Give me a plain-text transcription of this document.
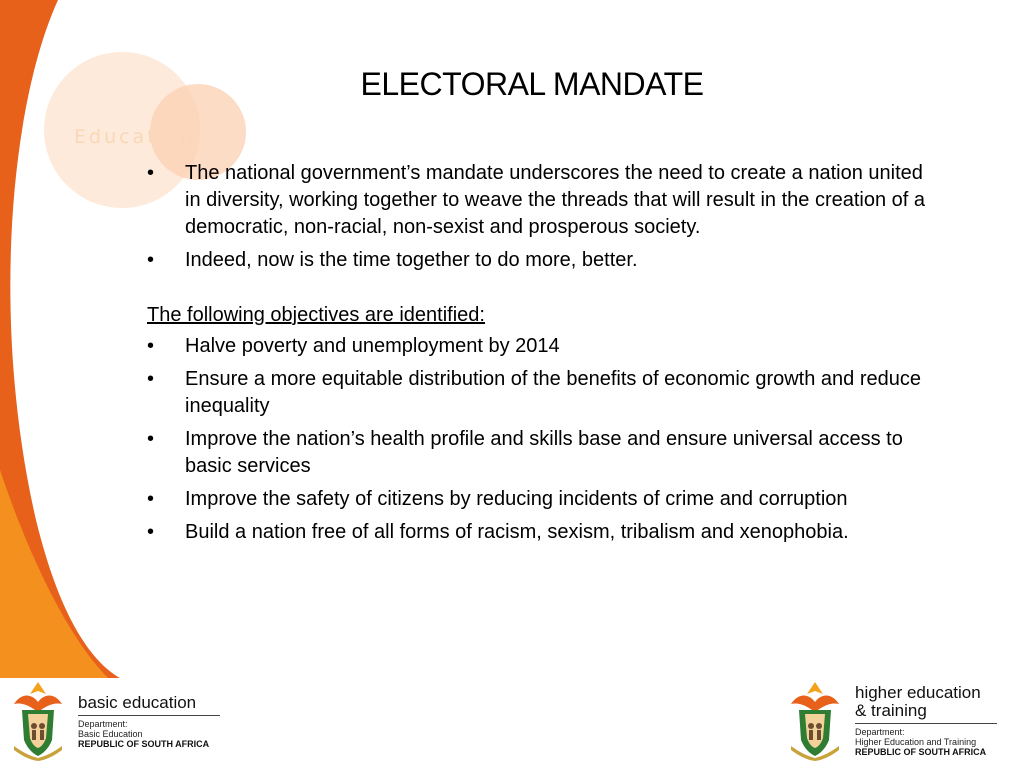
Education
ELECTORAL MANDATE
• The national government’s mandate underscores the need to create a nation united in diversity, working together to weave the threads that will result in the creation of a democratic, non-racial, non-sexist and prosperous society.
• Indeed, now is the time together to do more, better.
The following objectives are identified:
• Halve poverty and unemployment by 2014
• Ensure a more equitable distribution of the benefits of economic growth and reduce inequality
• Improve the nation’s health profile and skills base and ensure universal access to basic services
• Improve the safety of citizens by reducing incidents of crime and corruption
• Build a nation free of all forms of racism, sexism, tribalism and xenophobia.
basic education
Department:
Basic Education
REPUBLIC OF SOUTH AFRICA
higher education
& training
Department:
Higher Education and Training
REPUBLIC OF SOUTH AFRICA
